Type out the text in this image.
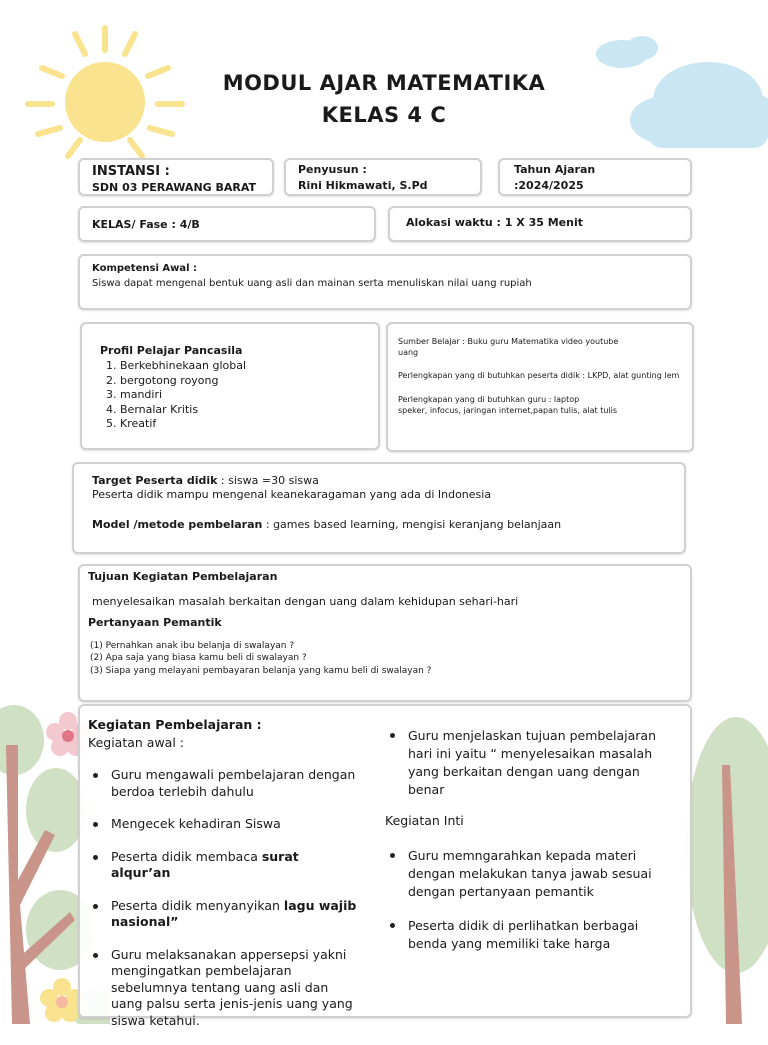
MODUL AJAR MATEMATIKA
KELAS 4 C
INSTANSI :
SDN 03 PERAWANG BARAT
Penyusun :
Rini Hikmawati, S.Pd
Tahun Ajaran
:2024/2025
KELAS/ Fase : 4/B	Alokasi waktu : 1 X 35 Menit
Kompetensi Awal :
Siswa dapat mengenal bentuk uang asli dan mainan serta menuliskan nilai uang rupiah
Profil Pelajar Pancasila
1. Berkebhinekaan global
2. bergotong royong
3. mandiri
4. Bernalar Kritis
5. Kreatif
Sumber Belajar : Buku guru Matematika video youtube
uang
Perlengkapan yang di butuhkan peserta didik : LKPD, alat gunting lem
Perlengkapan yang di butuhkan guru : laptop
speker, infocus, jaringan internet,papan tulis, alat tulis
Target Peserta didik : siswa =30 siswa
Peserta didik mampu mengenal keanekaragaman yang ada di Indonesia
Model /metode pembelaran : games based learning, mengisi keranjang belanjaan
Tujuan Kegiatan Pembelajaran
menyelesaikan masalah berkaitan dengan uang dalam kehidupan sehari-hari
Pertanyaan Pemantik
(1) Pernahkan anak ibu belanja di swalayan ?
(2) Apa saja yang biasa kamu beli di swalayan ?
(3) Siapa yang melayani pembayaran belanja yang kamu beli di swalayan ?
Kegiatan Pembelajaran :
Kegiatan awal :
Guru mengawali pembelajaran dengan berdoa terlebih dahulu
Mengecek kehadiran Siswa
Peserta didik membaca surat alqur’an
Peserta didik menyanyikan lagu wajib nasional”
Guru melaksanakan appersepsi yakni mengingatkan pembelajaran sebelumnya tentang uang asli dan uang palsu serta jenis-jenis uang yang siswa ketahui.
Guru menjelaskan tujuan pembelajaran hari ini yaitu “ menyelesaikan masalah yang berkaitan dengan uang dengan benar
Kegiatan Inti
Guru memngarahkan kepada materi dengan melakukan tanya jawab sesuai dengan pertanyaan pemantik
Peserta didik di perlihatkan berbagai benda yang memiliki take harga
